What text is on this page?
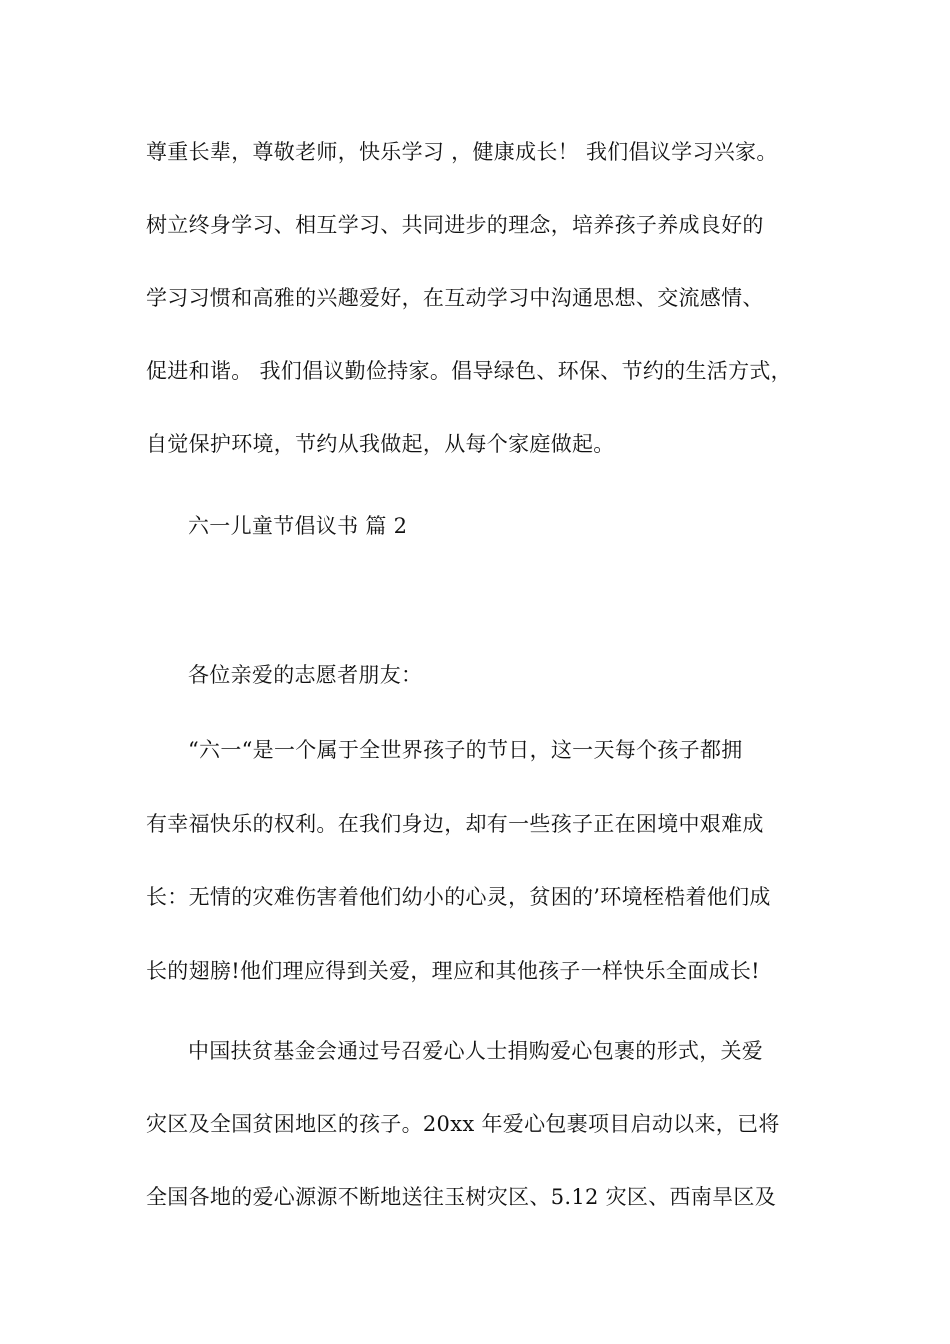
尊重长辈，尊敬老师，快乐学习 ，健康成长！ 我们倡议学习兴家。
树立终身学习、相互学习、共同进步的理念，培养孩子养成良好的
学习习惯和高雅的兴趣爱好，在互动学习中沟通思想、交流感情、
促进和谐。 我们倡议勤俭持家。倡导绿色、环保、节约的生活方式，
自觉保护环境，节约从我做起，从每个家庭做起。
六一儿童节倡议书 篇 2
各位亲爱的志愿者朋友：
“六一“是一个属于全世界孩子的节日，这一天每个孩子都拥
有幸福快乐的权利。在我们身边，却有一些孩子正在困境中艰难成
长：无情的灾难伤害着他们幼小的心灵，贫困的’环境桎梏着他们成
长的翅膀!他们理应得到关爱，理应和其他孩子一样快乐全面成长!
中国扶贫基金会通过号召爱心人士捐购爱心包裹的形式，关爱
灾区及全国贫困地区的孩子。20xx 年爱心包裹项目启动以来，已将
全国各地的爱心源源不断地送往玉树灾区、5.12 灾区、西南旱区及
